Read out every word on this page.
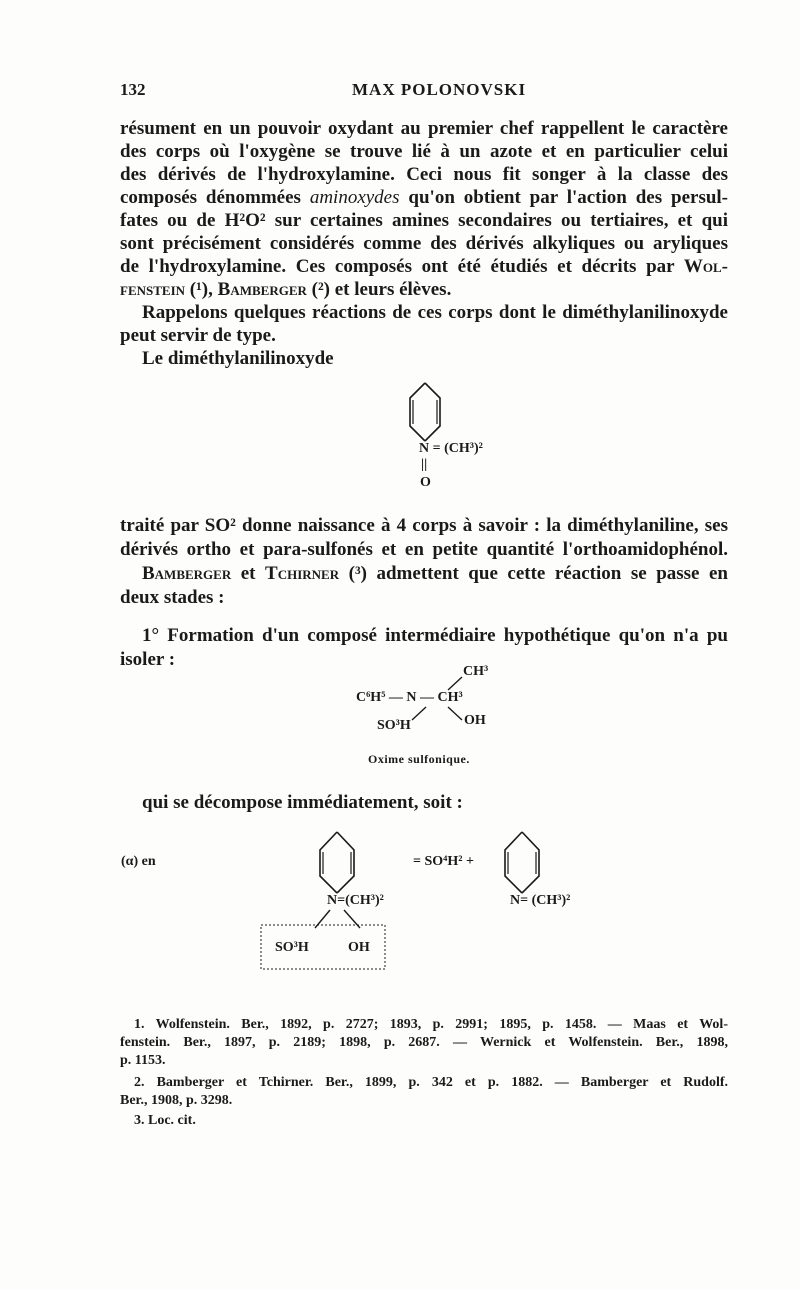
132	MAX POLONOVSKI
résument en un pouvoir oxydant au premier chef rappellent le caractère
des corps où l'oxygène se trouve lié à un azote et en particulier celui
des dérivés de l'hydroxylamine. Ceci nous fit songer à la classe des
composés dénommées aminoxydes qu'on obtient par l'action des persul-
fates ou de H²O² sur certaines amines secondaires ou tertiaires, et qui
sont précisément considérés comme des dérivés alkyliques ou aryliques
de l'hydroxylamine. Ces composés ont été étudiés et décrits par Wol-
fenstein (¹), Bamberger (²) et leurs élèves.
Rappelons quelques réactions de ces corps dont le diméthylanilinoxyde
peut servir de type.
Le diméthylanilinoxyde
N = (CH³)²
||
O
traité par SO² donne naissance à 4 corps à savoir : la diméthylaniline, ses
dérivés ortho et para-sulfonés et en petite quantité l'orthoamidophénol.
Bamberger et Tchirner (³) admettent que cette réaction se passe en
deux stades :
1° Formation d'un composé intermédiaire hypothétique qu'on n'a pu
isoler :
CH³
C⁶H⁵ — N — CH³
OH
SO³H
Oxime sulfonique.
qui se décompose immédiatement, soit :
(α) en
N=(CH³)²
SO³H	OH
= SO⁴H² +
N= (CH³)²
1. Wolfenstein. Ber., 1892, p. 2727; 1893, p. 2991; 1895, p. 1458. — Maas et Wol-
fenstein. Ber., 1897, p. 2189; 1898, p. 2687. — Wernick et Wolfenstein. Ber., 1898,
p. 1153.
2. Bamberger et Tchirner. Ber., 1899, p. 342 et p. 1882. — Bamberger et Rudolf.
Ber., 1908, p. 3298.
3. Loc. cit.
